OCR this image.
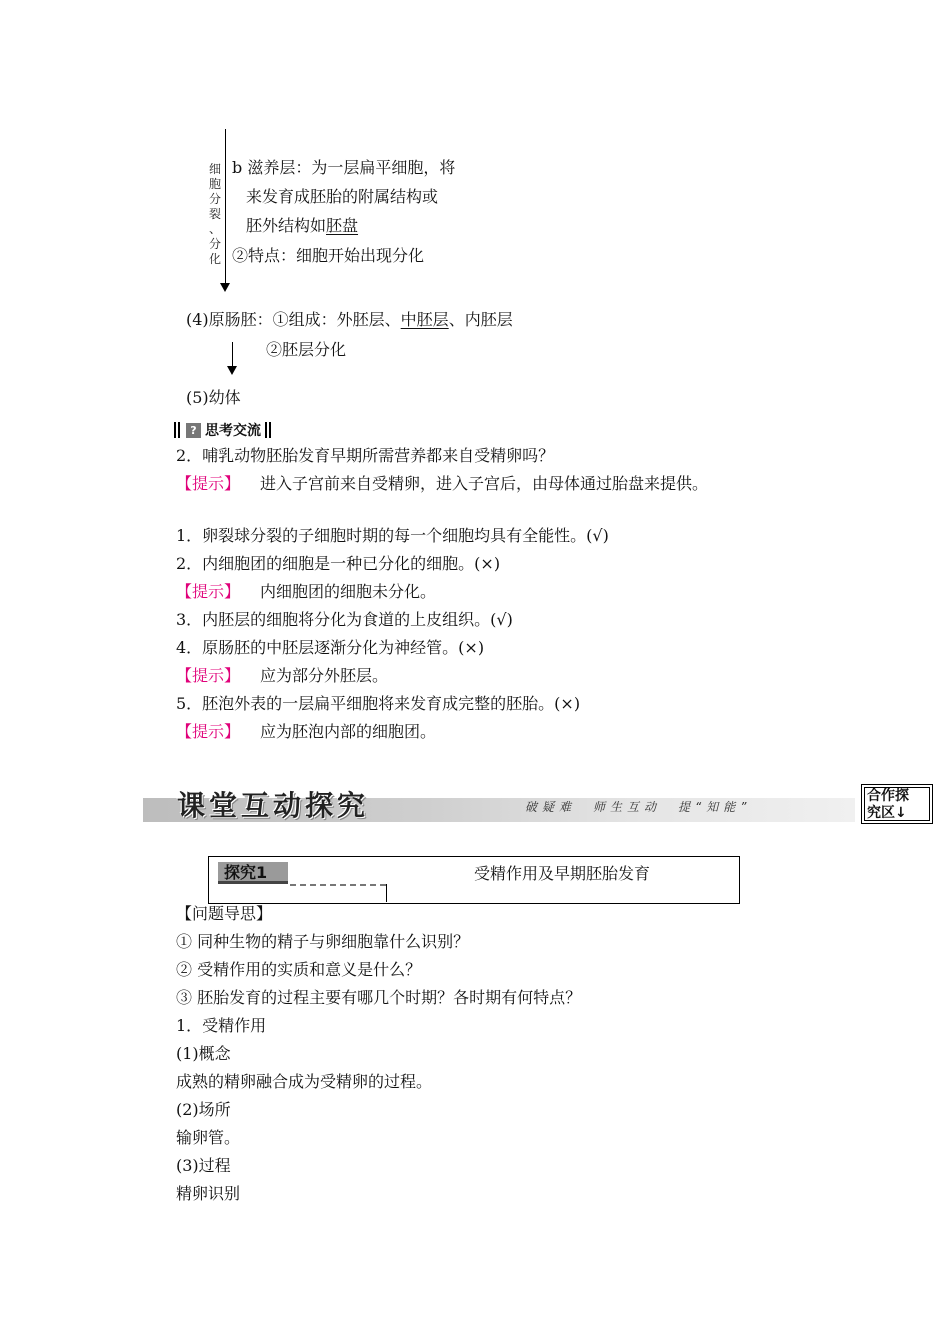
细
胞
分
裂
、
分
化
b 滋养层：为一层扁平细胞，将
来发育成胚胎的附属结构或
胚外结构如胚盘
②特点：细胞开始出现分化
(4)原肠胚：①组成：外胚层、中胚层、内胚层
②胚层分化
(5)幼体
? 思考交流
2．哺乳动物胚胎发育早期所需营养都来自受精卵吗？
【提示】 进入子宫前来自受精卵，进入子宫后，由母体通过胎盘来提供。
1．卵裂球分裂的子细胞时期的每一个细胞均具有全能性。(√)
2．内细胞团的细胞是一种已分化的细胞。(×)
【提示】 内细胞团的细胞未分化。
3．内胚层的细胞将分化为食道的上皮组织。(√)
4．原肠胚的中胚层逐渐分化为神经管。(×)
【提示】 应为部分外胚层。
5．胚泡外表的一层扁平细胞将来发育成完整的胚胎。(×)
【提示】 应为胚泡内部的细胞团。
课堂互动探究	破疑难　师生互动　提“知能”
合作探
究区↓
探究1	受精作用及早期胚胎发育
【问题导思】
① 同种生物的精子与卵细胞靠什么识别？
② 受精作用的实质和意义是什么？
③ 胚胎发育的过程主要有哪几个时期？各时期有何特点？
1．受精作用
(1)概念
成熟的精卵融合成为受精卵的过程。
(2)场所
输卵管。
(3)过程
精卵识别
